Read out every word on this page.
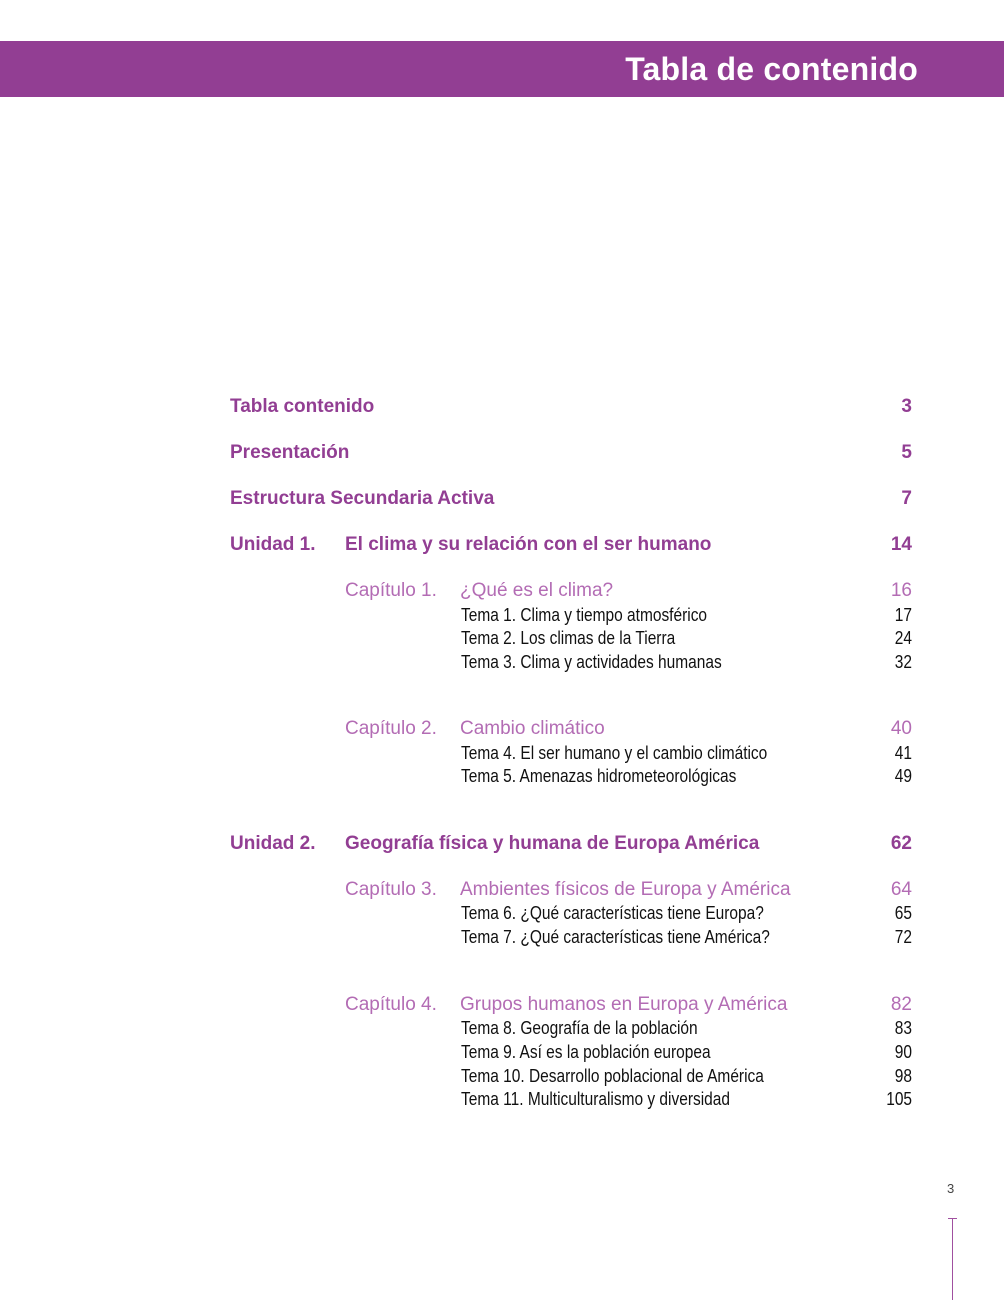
Tabla de contenido
Tabla contenido	3
Presentación	5
Estructura Secundaria Activa	7
Unidad 1. El clima y su relación con el ser humano	14
Capítulo 1. ¿Qué es el clima?	16
Tema 1. Clima y tiempo atmosférico	17
Tema 2. Los climas de la Tierra	24
Tema 3. Clima y actividades humanas	32
Capítulo 2. Cambio climático	40
Tema 4. El ser humano y el cambio climático	41
Tema 5. Amenazas hidrometeorológicas	49
Unidad 2. Geografía física y humana de Europa América	62
Capítulo 3. Ambientes físicos de Europa y América	64
Tema 6. ¿Qué características tiene Europa?	65
Tema 7. ¿Qué características tiene América?	72
Capítulo 4. Grupos humanos en Europa y América	82
Tema 8. Geografía de la población	83
Tema 9. Así es la población europea	90
Tema 10. Desarrollo poblacional de América	98
Tema 11. Multiculturalismo y diversidad	105
3
